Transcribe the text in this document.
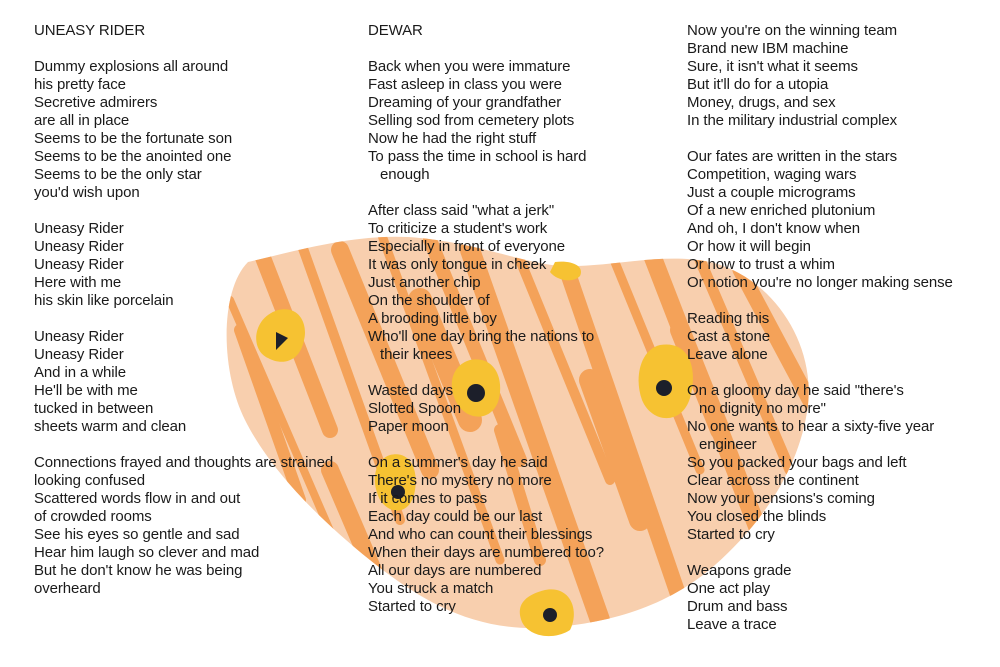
UNEASY RIDER
Dummy explosions all around
his pretty face
Secretive admirers
are all in place
Seems to be the fortunate son
Seems to be the anointed one
Seems to be the only star
you'd wish upon
Uneasy Rider
Uneasy Rider
Uneasy Rider
Here with me
his skin like porcelain
Uneasy Rider
Uneasy Rider
And in a while
He'll be with me
tucked in between
sheets warm and clean
Connections frayed and thoughts are strained
looking confused
Scattered words flow in and out
of crowded rooms
See his eyes so gentle and sad
Hear him laugh so clever and mad
But he don't know he was being
overheard
DEWAR
Back when you were immature
Fast asleep in class you were
Dreaming of your grandfather
Selling sod from cemetery plots
Now he had the right stuff
To pass the time in school is hard
enough
After class said "what a jerk"
To criticize a student's work
Especially in front of everyone
It was only tongue in cheek
Just another chip
On the shoulder of
A brooding little boy
Who'll one day bring the nations to
their knees
Wasted days
Slotted Spoon
Paper moon
On a summer's day he said
There's no mystery no more
If it comes to pass
Each day could be our last
And who can count their blessings
When their days are numbered too?
All our days are numbered
You struck a match
Started to cry
Now you're on the winning team
Brand new IBM machine
Sure, it isn't what it seems
But it'll do for a utopia
Money, drugs, and sex
In the military industrial complex
Our fates are written in the stars
Competition, waging wars
Just a couple micrograms
Of a new enriched plutonium
And oh, I don't know when
Or how it will begin
Or how to trust a whim
Or notion you're no longer making sense
Reading this
Cast a stone
Leave alone
On a gloomy day he said "there's
no dignity no more"
No one wants to hear a sixty-five year
engineer
So you packed your bags and left
Clear across the continent
Now your pensions's coming
You closed the blinds
Started to cry
Weapons grade
One act play
Drum and bass
Leave a trace
